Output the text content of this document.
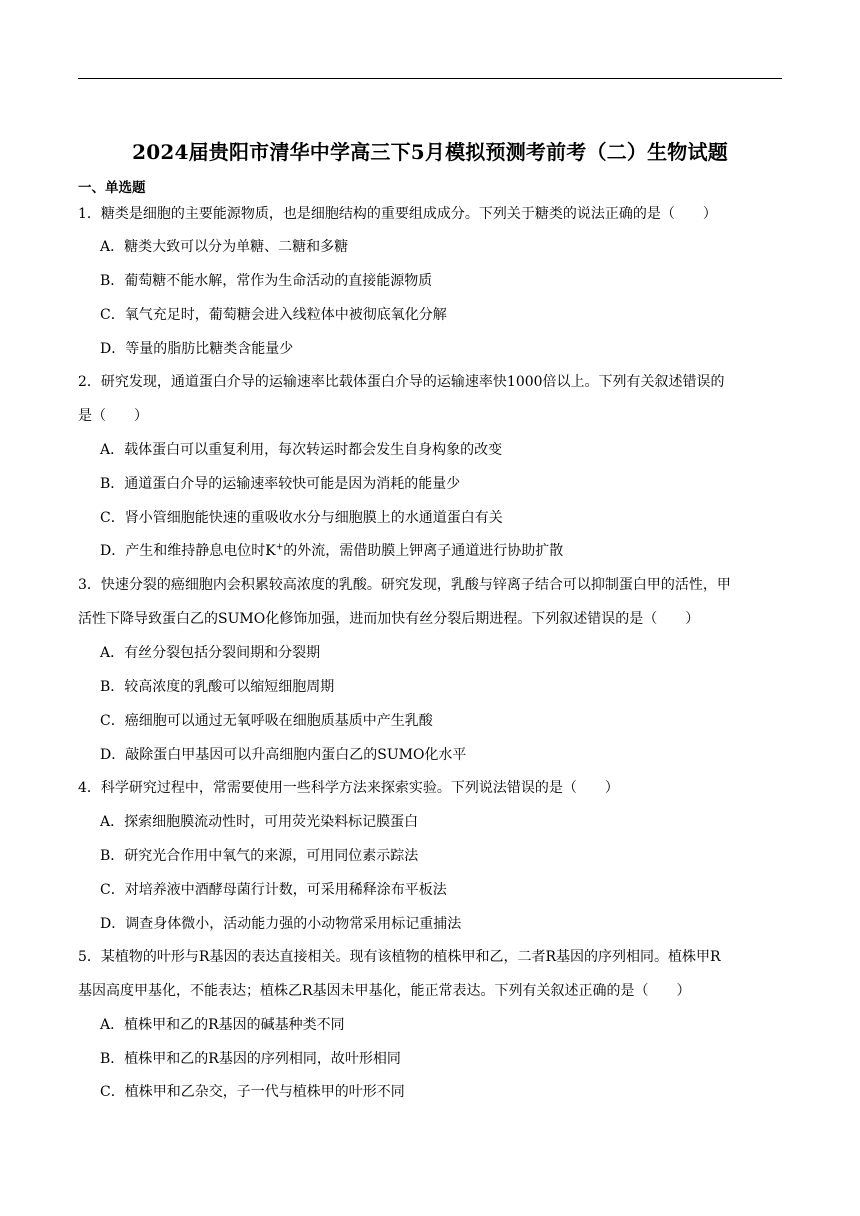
2024届贵阳市清华中学高三下5月模拟预测考前考（二）生物试题
一、单选题
1．糖类是细胞的主要能源物质，也是细胞结构的重要组成成分。下列关于糖类的说法正确的是（　　）
A．糖类大致可以分为单糖、二糖和多糖
B．葡萄糖不能水解，常作为生命活动的直接能源物质
C．氧气充足时，葡萄糖会进入线粒体中被彻底氧化分解
D．等量的脂肪比糖类含能量少
2．研究发现，通道蛋白介导的运输速率比载体蛋白介导的运输速率快1000倍以上。下列有关叙述错误的
是（　　）
A．载体蛋白可以重复利用，每次转运时都会发生自身构象的改变
B．通道蛋白介导的运输速率较快可能是因为消耗的能量少
C．肾小管细胞能快速的重吸收水分与细胞膜上的水通道蛋白有关
D．产生和维持静息电位时K+的外流，需借助膜上钾离子通道进行协助扩散
3．快速分裂的癌细胞内会积累较高浓度的乳酸。研究发现，乳酸与锌离子结合可以抑制蛋白甲的活性，甲
活性下降导致蛋白乙的SUMO化修饰加强，进而加快有丝分裂后期进程。下列叙述错误的是（　　）
A．有丝分裂包括分裂间期和分裂期
B．较高浓度的乳酸可以缩短细胞周期
C．癌细胞可以通过无氧呼吸在细胞质基质中产生乳酸
D．敲除蛋白甲基因可以升高细胞内蛋白乙的SUMO化水平
4．科学研究过程中，常需要使用一些科学方法来探索实验。下列说法错误的是（　　）
A．探索细胞膜流动性时，可用荧光染料标记膜蛋白
B．研究光合作用中氧气的来源，可用同位素示踪法
C．对培养液中酒酵母菌行计数，可采用稀释涂布平板法
D．调查身体微小，活动能力强的小动物常采用标记重捕法
5．某植物的叶形与R基因的表达直接相关。现有该植物的植株甲和乙，二者R基因的序列相同。植株甲R
基因高度甲基化，不能表达；植株乙R基因未甲基化，能正常表达。下列有关叙述正确的是（　　）
A．植株甲和乙的R基因的碱基种类不同
B．植株甲和乙的R基因的序列相同，故叶形相同
C．植株甲和乙杂交，子一代与植株甲的叶形不同
